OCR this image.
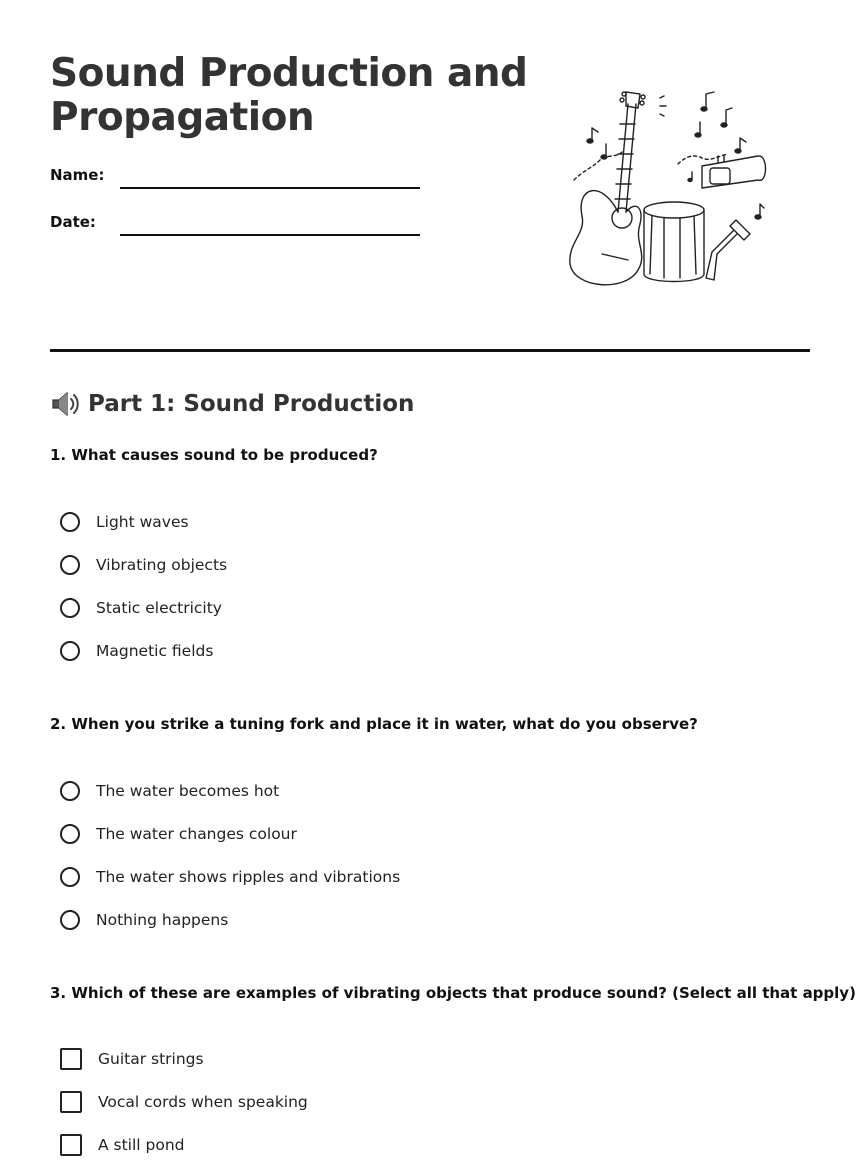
Sound Production and
Propagation
Name:
Date:
Part 1: Sound Production
1. What causes sound to be produced?
Light waves
Vibrating objects
Static electricity
Magnetic fields
2. When you strike a tuning fork and place it in water, what do you observe?
The water becomes hot
The water changes colour
The water shows ripples and vibrations
Nothing happens
3. Which of these are examples of vibrating objects that produce sound? (Select all that apply)
Guitar strings
Vocal cords when speaking
A still pond
